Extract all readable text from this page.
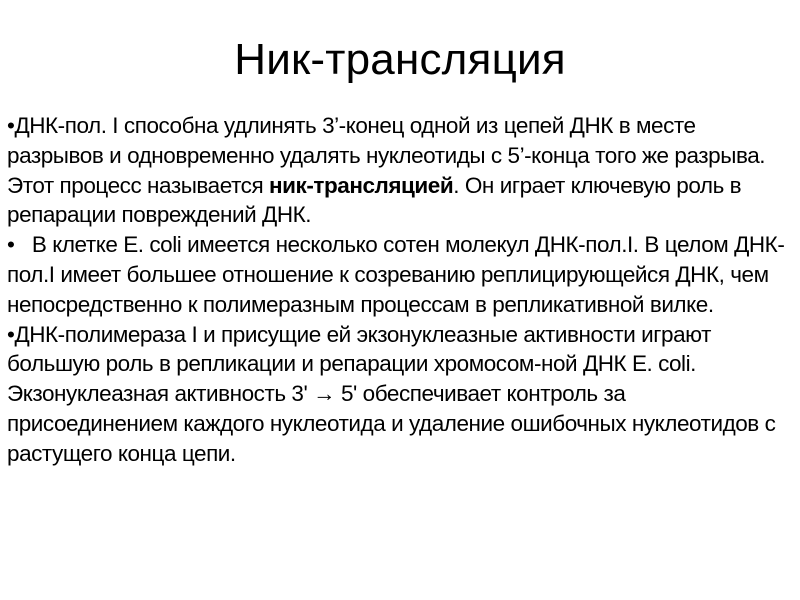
Ник-трансляция

•ДНК-пол. I способна удлинять 3’-конец одной из цепей ДНК в месте разрывов и одновременно удалять нуклеотиды с 5’-конца того же разрыва. Этот процесс называется ник-трансляцией. Он играет ключевую роль в репарации повреждений ДНК.

•   В клетке E. coli имеется несколько сотен молекул ДНК-пол.I. В целом ДНК-пол.I имеет большее отношение к созреванию реплицирующейся ДНК, чем непосредственно к полимеразным процессам в репликативной вилке.

•ДНК-полимераза I и присущие ей экзонуклеазные активности играют большую роль в репликации и репарации хромосом-ной ДНК E. coli. Экзонуклеазная активность 3' → 5' обеспечивает контроль за присоединением каждого нуклеотида и удаление ошибочных нуклеотидов с растущего конца цепи.
